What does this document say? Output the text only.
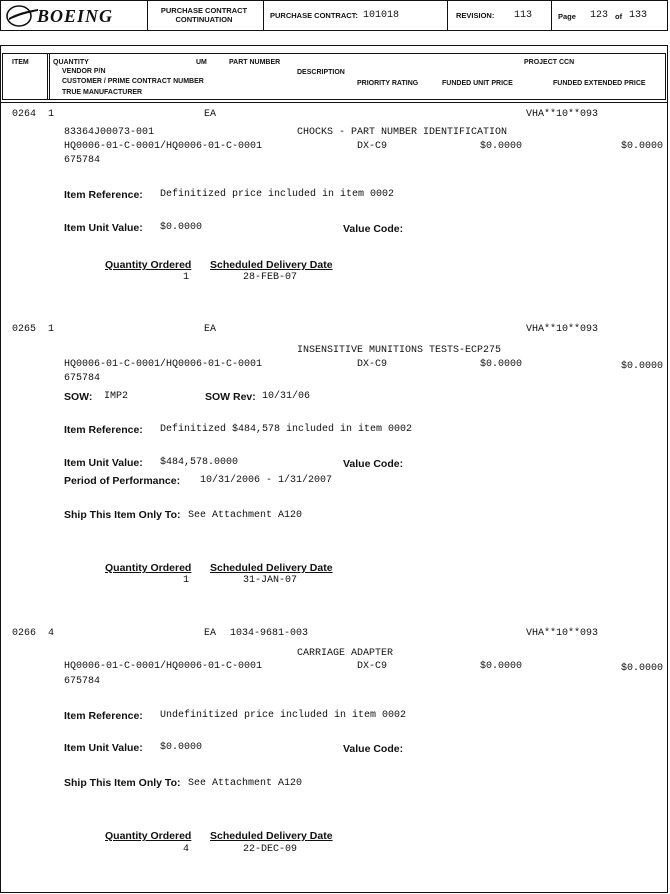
BOEING	PURCHASE CONTRACT
CONTINUATION	PURCHASE CONTRACT: 101018	REVISION: 113	Page 123 of 133
ITEM	QUANTITY	UM	PART NUMBER	PROJECT CCN
VENDOR P/N	DESCRIPTION
CUSTOMER / PRIME CONTRACT NUMBER	PRIORITY RATING	FUNDED UNIT PRICE	FUNDED EXTENDED PRICE
TRUE MANUFACTURER
0264 1	EA	VHA**10**093
83364J00073-001	CHOCKS - PART NUMBER IDENTIFICATION
HQ0006-01-C-0001/HQ0006-01-C-0001	DX-C9	$0.0000	$0.0000
675784
Item Reference: Definitized price included in item 0002
Item Unit Value: $0.0000	Value Code:
Quantity Ordered Scheduled Delivery Date
1	28-FEB-07
0265 1	EA	VHA**10**093
INSENSITIVE MUNITIONS TESTS-ECP275
HQ0006-01-C-0001/HQ0006-01-C-0001	DX-C9	$0.0000	$0.0000
675784
SOW: IMP2	SOW Rev: 10/31/06
Item Reference: Definitized $484,578 included in item 0002
Item Unit Value: $484,578.0000	Value Code:
Period of Performance: 10/31/2006 - 1/31/2007
Ship This Item Only To: See Attachment A120
Quantity Ordered Scheduled Delivery Date
1	31-JAN-07
0266 4	EA 1034-9681-003	VHA**10**093
CARRIAGE ADAPTER
HQ0006-01-C-0001/HQ0006-01-C-0001	DX-C9	$0.0000	$0.0000
675784
Item Reference: Undefinitized price included in item 0002
Item Unit Value: $0.0000	Value Code:
Ship This Item Only To: See Attachment A120
Quantity Ordered Scheduled Delivery Date
4	22-DEC-09
